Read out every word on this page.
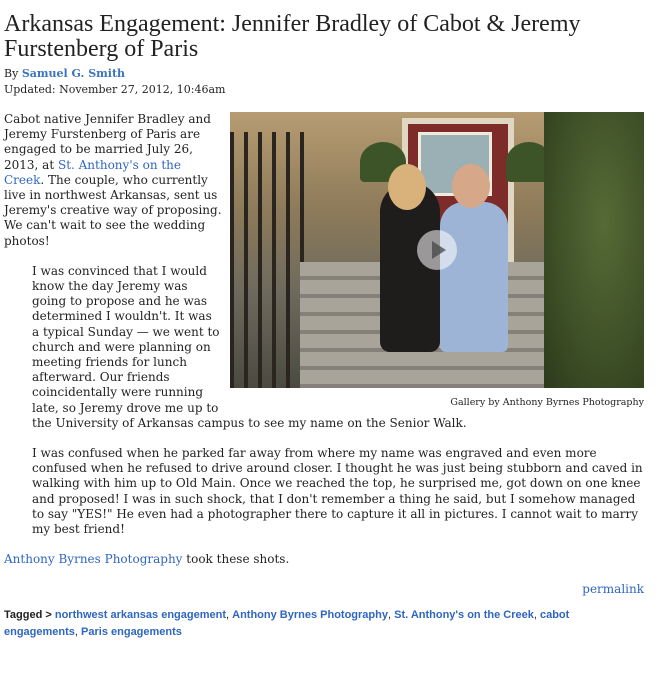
Arkansas Engagement: Jennifer Bradley of Cabot & Jeremy Furstenberg of Paris
By Samuel G. Smith
Updated: November 27, 2012, 10:46am
Gallery by Anthony Byrnes Photography

Cabot native Jennifer Bradley and Jeremy Furstenberg of Paris are engaged to be married July 26, 2013, at St. Anthony's on the Creek. The couple, who currently live in northwest Arkansas, sent us Jeremy's creative way of proposing. We can't wait to see the wedding photos!

I was convinced that I would know the day Jeremy was going to propose and he was determined I wouldn't. It was a typical Sunday — we went to church and were planning on meeting friends for lunch afterward. Our friends coincidentally were running late, so Jeremy drove me up to the University of Arkansas campus to see my name on the Senior Walk.

I was confused when he parked far away from where my name was engraved and even more confused when he refused to drive around closer. I thought he was just being stubborn and caved in walking with him up to Old Main. Once we reached the top, he surprised me, got down on one knee and proposed! I was in such shock, that I don't remember a thing he said, but I somehow managed to say "YES!" He even had a photographer there to capture it all in pictures. I cannot wait to marry my best friend!

Anthony Byrnes Photography took these shots.

permalink
Tagged > northwest arkansas engagement, Anthony Byrnes Photography, St. Anthony's on the Creek, cabot engagements, Paris engagements
